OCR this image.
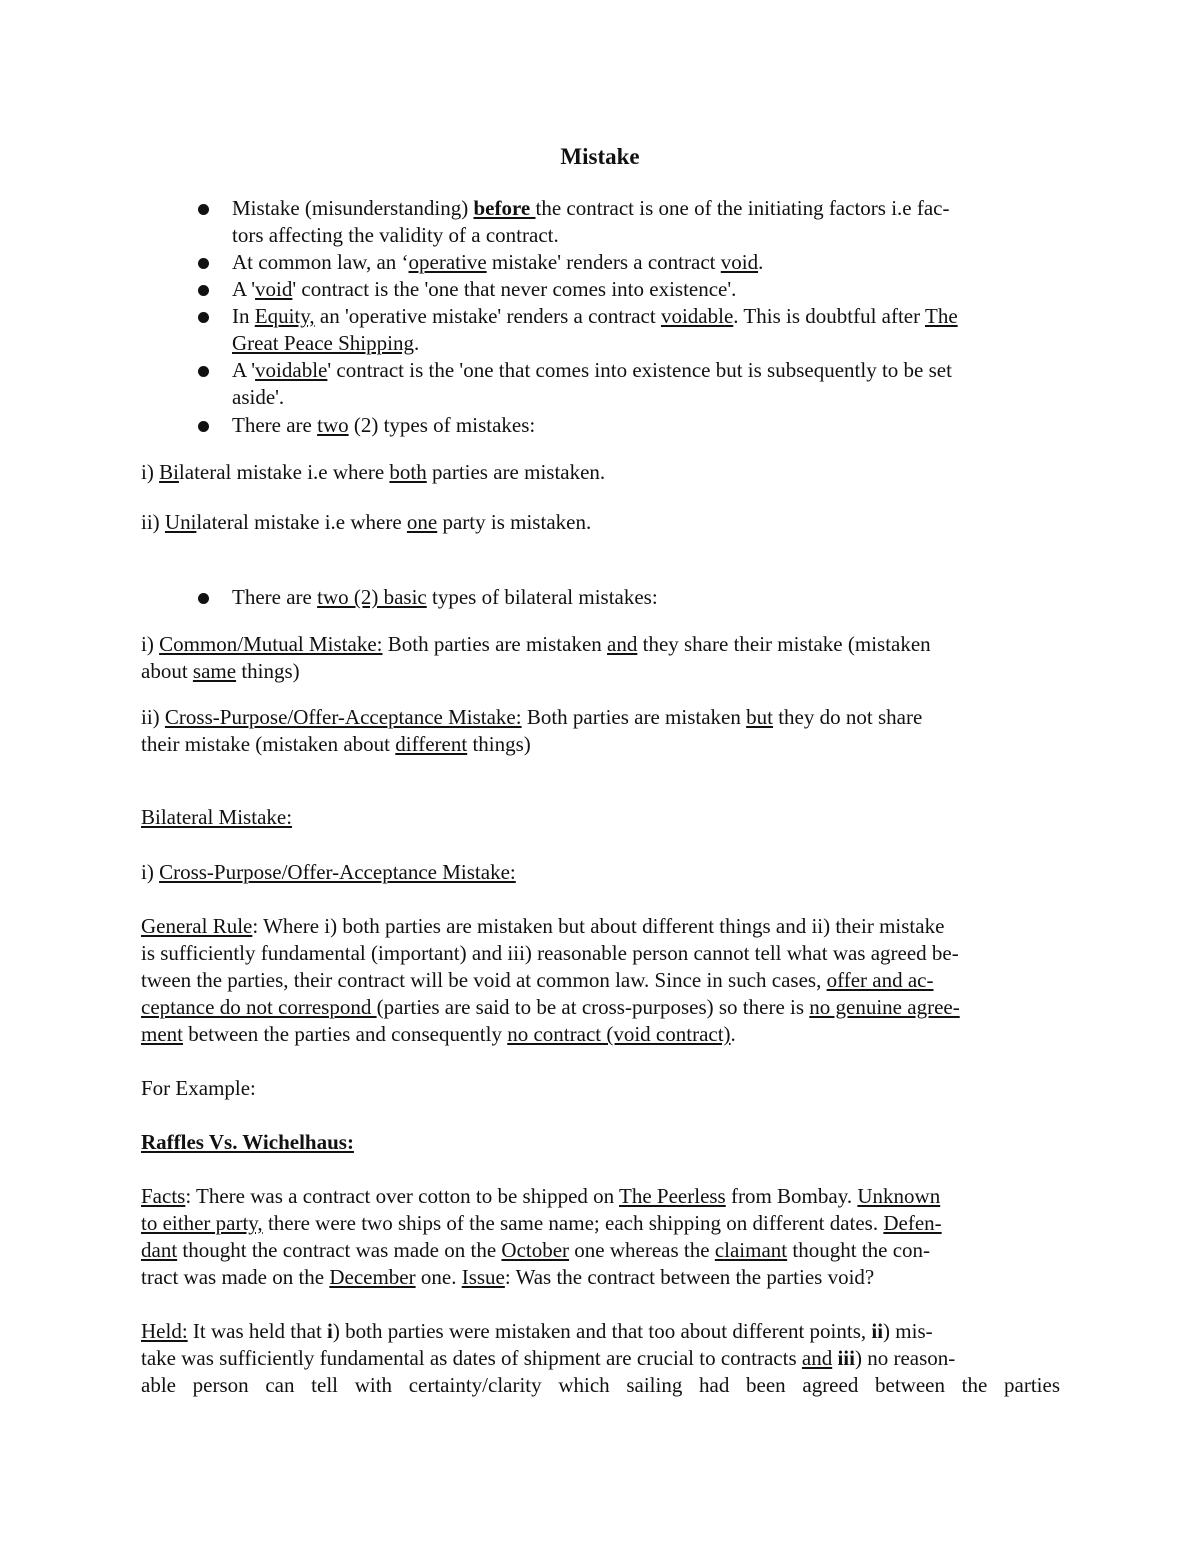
Mistake
Mistake (misunderstanding) before the contract is one of the initiating factors i.e fac-
tors affecting the validity of a contract.
At common law, an ‘operative mistake' renders a contract void.
A 'void' contract is the 'one that never comes into existence'.
In Equity, an 'operative mistake' renders a contract voidable. This is doubtful after The
Great Peace Shipping.
A 'voidable' contract is the 'one that comes into existence but is subsequently to be set
aside'.
There are two (2) types of mistakes:
i) Bilateral mistake i.e where both parties are mistaken.
ii) Unilateral mistake i.e where one party is mistaken.
There are two (2) basic types of bilateral mistakes:
i) Common/Mutual Mistake: Both parties are mistaken and they share their mistake (mistaken
about same things)
ii) Cross-Purpose/Offer-Acceptance Mistake: Both parties are mistaken but they do not share
their mistake (mistaken about different things)
Bilateral Mistake:
i) Cross-Purpose/Offer-Acceptance Mistake:
General Rule: Where i) both parties are mistaken but about different things and ii) their mistake
is sufficiently fundamental (important) and iii) reasonable person cannot tell what was agreed be-
tween the parties, their contract will be void at common law. Since in such cases, offer and ac-
ceptance do not correspond (parties are said to be at cross-purposes) so there is no genuine agree-
ment between the parties and consequently no contract (void contract).
For Example:
Raffles Vs. Wichelhaus:
Facts: There was a contract over cotton to be shipped on The Peerless from Bombay. Unknown
to either party, there were two ships of the same name; each shipping on different dates. Defen-
dant thought the contract was made on the October one whereas the claimant thought the con-
tract was made on the December one. Issue: Was the contract between the parties void?
Held: It was held that i) both parties were mistaken and that too about different points, ii) mis-
take was sufficiently fundamental as dates of shipment are crucial to contracts and iii) no reason-
able person can tell with certainty/clarity which sailing had been agreed between the parties
